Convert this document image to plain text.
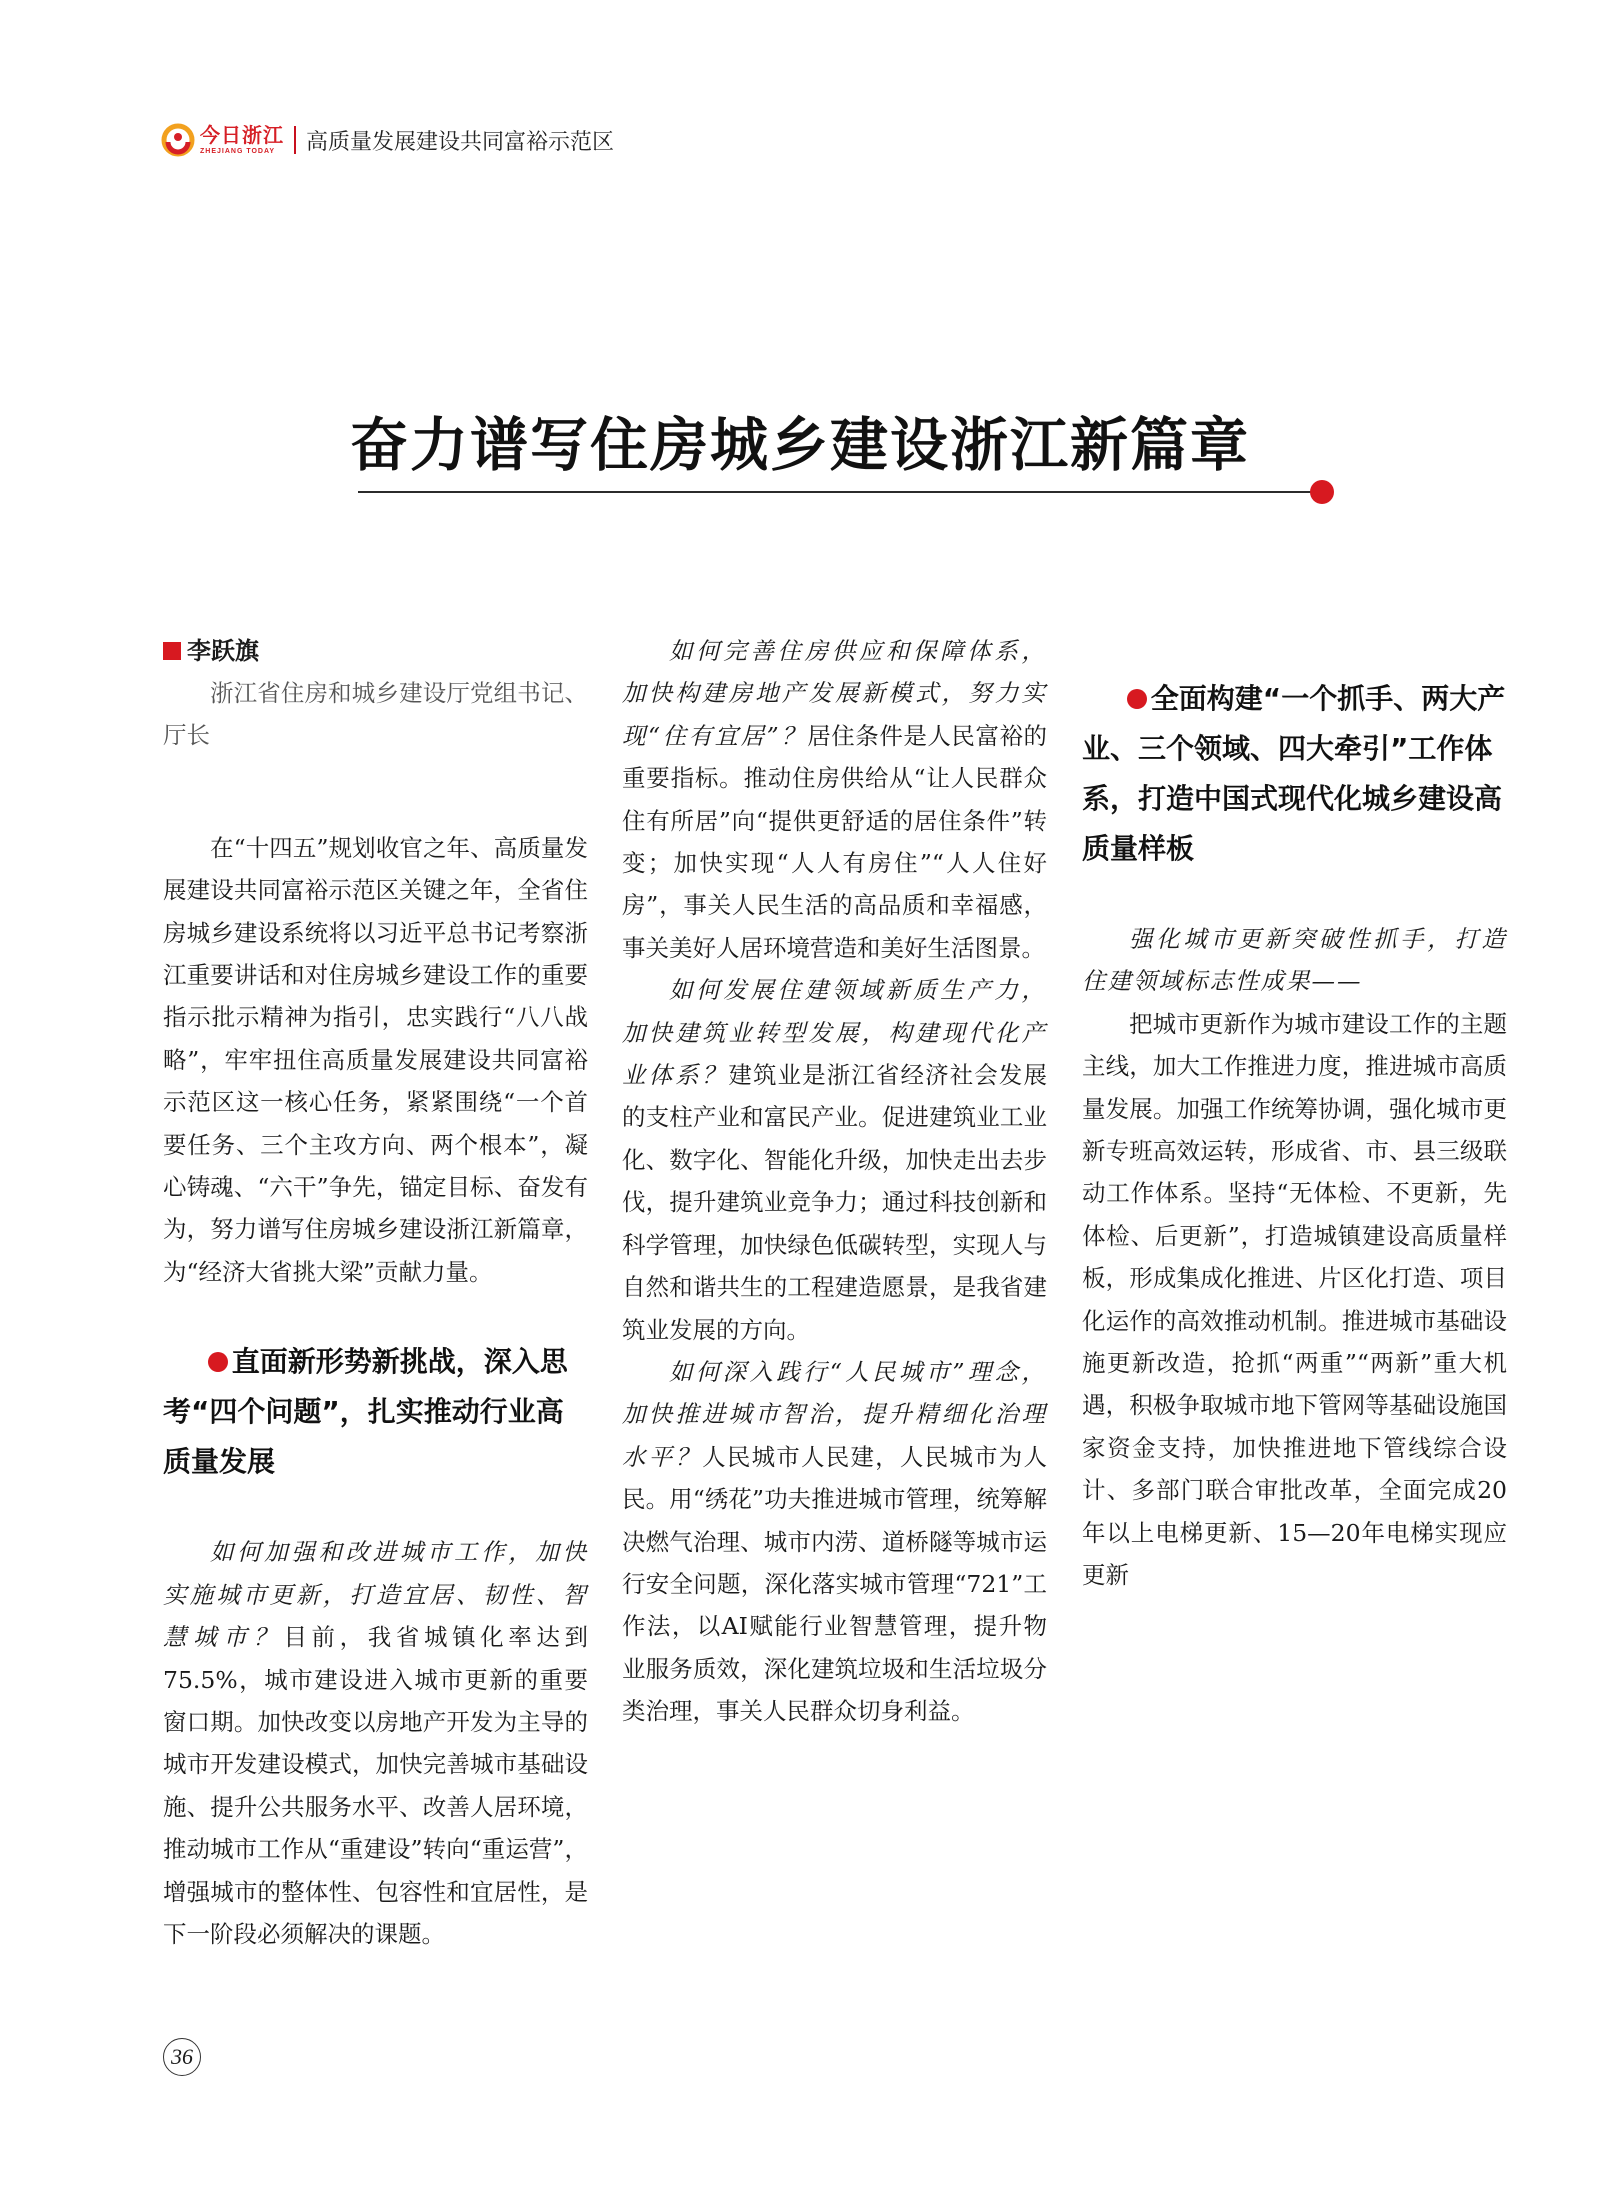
今日浙江
ZHEJIANG TODAY	高质量发展建设共同富裕示范区
奋力谱写住房城乡建设浙江新篇章
李跃旗

浙江省住房和城乡建设厅党组书记、厅长

在“十四五”规划收官之年、高质量发展建设共同富裕示范区关键之年，全省住房城乡建设系统将以习近平总书记考察浙江重要讲话和对住房城乡建设工作的重要指示批示精神为指引，忠实践行“八八战略”，牢牢扭住高质量发展建设共同富裕示范区这一核心任务，紧紧围绕“一个首要任务、三个主攻方向、两个根本”，凝心铸魂、“六干”争先，锚定目标、奋发有为，努力谱写住房城乡建设浙江新篇章，为“经济大省挑大梁”贡献力量。

直面新形势新挑战，深入思考“四个问题”，扎实推动行业高质量发展

如何加强和改进城市工作，加快实施城市更新，打造宜居、韧性、智慧城市？目前，我省城镇化率达到75.5%，城市建设进入城市更新的重要窗口期。加快改变以房地产开发为主导的城市开发建设模式，加快完善城市基础设施、提升公共服务水平、改善人居环境，推动城市工作从“重建设”转向“重运营”，增强城市的整体性、包容性和宜居性，是下一阶段必须解决的课题。

如何完善住房供应和保障体系，加快构建房地产发展新模式，努力实现“住有宜居”？居住条件是人民富裕的重要指标。推动住房供给从“让人民群众住有所居”向“提供更舒适的居住条件”转变；加快实现“人人有房住”“人人住好房”，事关人民生活的高品质和幸福感，事关美好人居环境营造和美好生活图景。

如何发展住建领域新质生产力，加快建筑业转型发展，构建现代化产业体系？建筑业是浙江省经济社会发展的支柱产业和富民产业。促进建筑业工业化、数字化、智能化升级，加快走出去步伐，提升建筑业竞争力；通过科技创新和科学管理，加快绿色低碳转型，实现人与自然和谐共生的工程建造愿景，是我省建筑业发展的方向。

如何深入践行“人民城市”理念，加快推进城市智治，提升精细化治理水平？人民城市人民建，人民城市为人民。用“绣花”功夫推进城市管理，统筹解决燃气治理、城市内涝、道桥隧等城市运行安全问题，深化落实城市管理“721”工作法，以AI赋能行业智慧管理，提升物业服务质效，深化建筑垃圾和生活垃圾分类治理，事关人民群众切身利益。

全面构建“一个抓手、两大产业、三个领域、四大牵引”工作体系，打造中国式现代化城乡建设高质量样板

强化城市更新突破性抓手，打造住建领域标志性成果——

把城市更新作为城市建设工作的主题主线，加大工作推进力度，推进城市高质量发展。加强工作统筹协调，强化城市更新专班高效运转，形成省、市、县三级联动工作体系。坚持“无体检、不更新，先体检、后更新”，打造城镇建设高质量样板，形成集成化推进、片区化打造、项目化运作的高效推动机制。推进城市基础设施更新改造，抢抓“两重”“两新”重大机遇，积极争取城市地下管网等基础设施国家资金支持，加快推进地下管线综合设计、多部门联合审批改革，全面完成20年以上电梯更新、15—20年电梯实现应更新

36
